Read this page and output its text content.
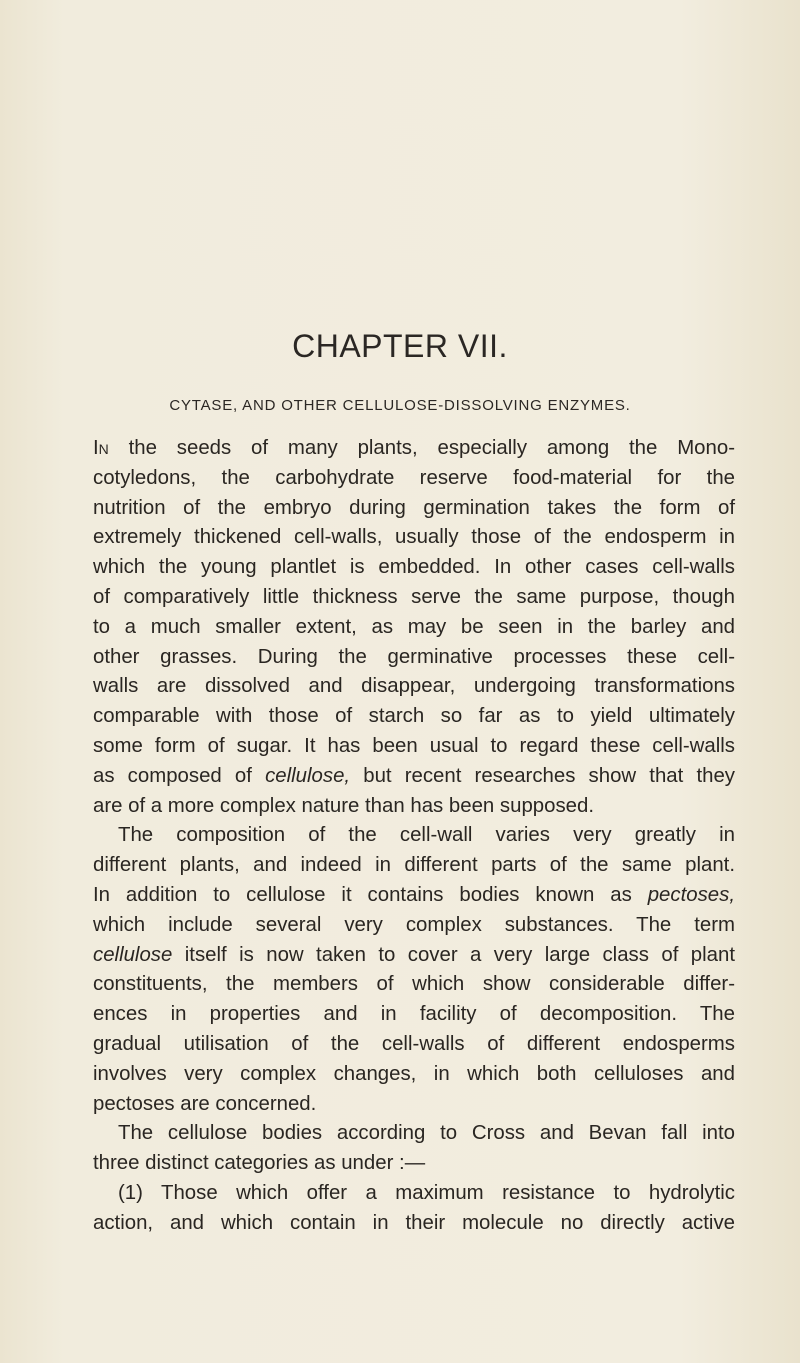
CHAPTER VII.
CYTASE, AND OTHER CELLULOSE-DISSOLVING ENZYMES.
In the seeds of many plants, especially among the Mono-
cotyledons, the carbohydrate reserve food-material for the
nutrition of the embryo during germination takes the form of
extremely thickened cell-walls, usually those of the endosperm in
which the young plantlet is embedded. In other cases cell-walls
of comparatively little thickness serve the same purpose, though
to a much smaller extent, as may be seen in the barley and
other grasses. During the germinative processes these cell-
walls are dissolved and disappear, undergoing transformations
comparable with those of starch so far as to yield ultimately
some form of sugar. It has been usual to regard these cell-walls
as composed of cellulose, but recent researches show that they
are of a more complex nature than has been supposed.
The composition of the cell-wall varies very greatly in
different plants, and indeed in different parts of the same plant.
In addition to cellulose it contains bodies known as pectoses,
which include several very complex substances. The term
cellulose itself is now taken to cover a very large class of plant
constituents, the members of which show considerable differ-
ences in properties and in facility of decomposition. The
gradual utilisation of the cell-walls of different endosperms
involves very complex changes, in which both celluloses and
pectoses are concerned.
The cellulose bodies according to Cross and Bevan fall into
three distinct categories as under :—
(1) Those which offer a maximum resistance to hydrolytic
action, and which contain in their molecule no directly active
